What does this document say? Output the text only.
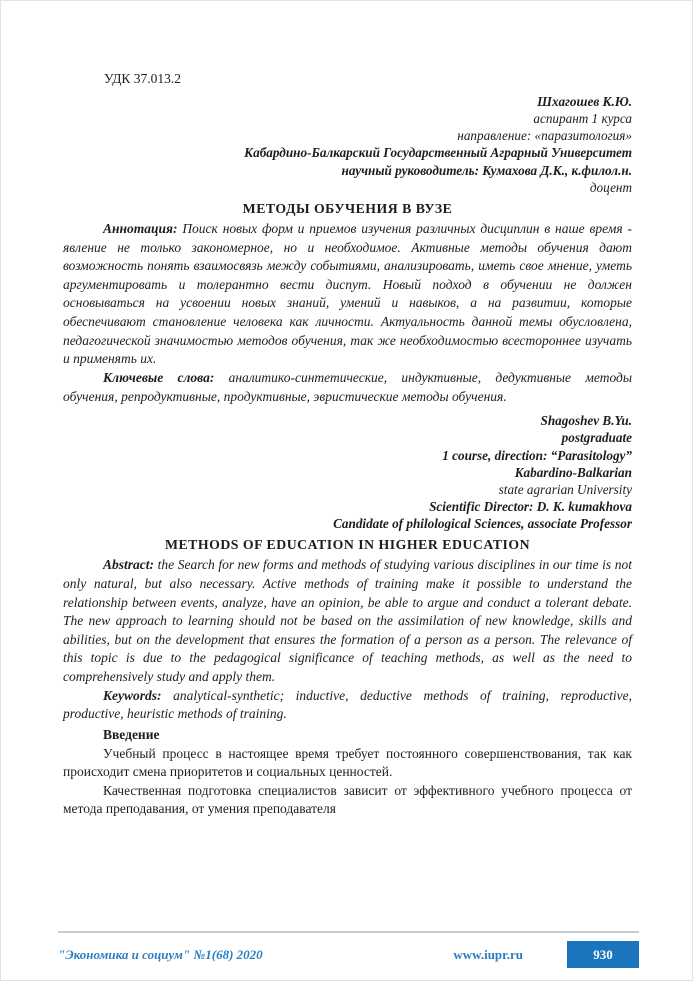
УДК 37.013.2
Шхагошев К.Ю.
аспирант 1 курса
направление: «паразитология»
Кабардино-Балкарский Государственный Аграрный Университет
научный руководитель: Кумахова Д.К., к.филол.н.
доцент
МЕТОДЫ ОБУЧЕНИЯ В ВУЗЕ

Аннотация: Поиск новых форм и приемов изучения различных дисциплин в наше время - явление не только закономерное, но и необходимое. Активные методы обучения дают возможность понять взаимосвязь между событиями, анализировать, иметь свое мнение, уметь аргументировать и толерантно вести диспут. Новый подход в обучении не должен основываться на усвоении новых знаний, умений и навыков, а на развитии, которые обеспечивают становление человека как личности. Актуальность данной темы обусловлена, педагогической значимостью методов обучения, так же необходимостью всестороннее изучать и применять их.

Ключевые слова: аналитико-синтетические, индуктивные, дедуктивные методы обучения, репродуктивные, продуктивные, эвристические методы обучения.

Shagoshev B.Yu.
postgraduate
1 course, direction: “Parasitology”
Kabardino-Balkarian
state agrarian University
Scientific Director: D. K. kumakhova
Candidate of philological Sciences, associate Professor
METHODS OF EDUCATION IN HIGHER EDUCATION

Abstract: the Search for new forms and methods of studying various disciplines in our time is not only natural, but also necessary. Active methods of training make it possible to understand the relationship between events, analyze, have an opinion, be able to argue and conduct a tolerant debate. The new approach to learning should not be based on the assimilation of new knowledge, skills and abilities, but on the development that ensures the formation of a person as a person. The relevance of this topic is due to the pedagogical significance of teaching methods, as well as the need to comprehensively study and apply them.

Keywords: analytical-synthetic; inductive, deductive methods of training, reproductive, productive, heuristic methods of training.

Введение

Учебный процесс в настоящее время требует постоянного совершенствования, так как происходит смена приоритетов и социальных ценностей.

Качественная подготовка специалистов зависит от эффективного учебного процесса от метода преподавания, от умения преподавателя

"Экономика и социум" №1(68) 2020	www.iupr.ru	930
